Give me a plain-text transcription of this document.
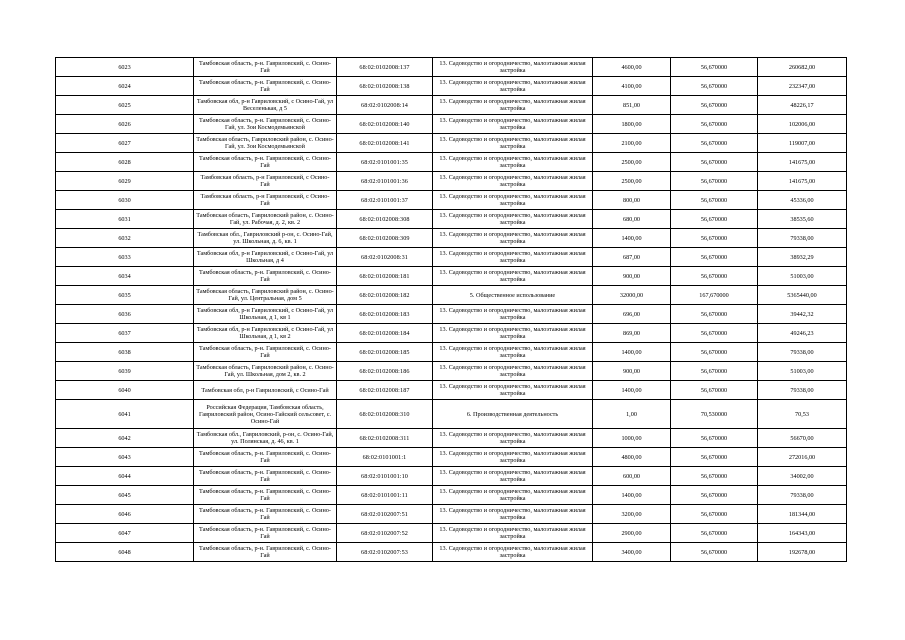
6023	Тамбовская область, р-н. Гавриловский, с. Осино-Гай	68:02:0102008:137	13. Садоводство и огородничество, малоэтажная жилая застройка	4600,00	56,670000	260682,00
6024	Тамбовская область, р-н. Гавриловский, с. Осино-Гай	68:02:0102008:138	13. Садоводство и огородничество, малоэтажная жилая застройка	4100,00	56,670000	232347,00
6025	Тамбовская обл, р-н Гавриловский, с Осино-Гай, ул Веселенькая, д 5	68:02:0102008:14	13. Садоводство и огородничество, малоэтажная жилая застройка	851,00	56,670000	48226,17
6026	Тамбовская область, р-н. Гавриловский, с. Осино-Гай, ул. Зои Космодемьянской	68:02:0102008:140	13. Садоводство и огородничество, малоэтажная жилая застройка	1800,00	56,670000	102006,00
6027	Тамбовская область, Гавриловский район, с. Осино-Гай, ул. Зои Космодемьянской	68:02:0102008:141	13. Садоводство и огородничество, малоэтажная жилая застройка	2100,00	56,670000	119007,00
6028	Тамбовская область, р-н. Гавриловский, с. Осино-Гай	68:02:0101001:35	13. Садоводство и огородничество, малоэтажная жилая застройка	2500,00	56,670000	141675,00
6029	Тамбовская область, р-н Гавриловский, с Осино-Гай	68:02:0101001:36	13. Садоводство и огородничество, малоэтажная жилая застройка	2500,00	56,670000	141675,00
6030	Тамбовская область, р-н Гавриловский, с Осино-Гай	68:02:0101001:37	13. Садоводство и огородничество, малоэтажная жилая застройка	800,00	56,670000	45336,00
6031	Тамбовская область, Гавриловский район, с. Осино-Гай, ул. Рабочая, д. 2, кв. 2	68:02:0102008:308	13. Садоводство и огородничество, малоэтажная жилая застройка	680,00	56,670000	38535,60
6032	Тамбовская обл., Гавриловский р-он, с. Осино-Гай, ул. Школьная, д. 6, кв. 1	68:02:0102008:309	13. Садоводство и огородничество, малоэтажная жилая застройка	1400,00	56,670000	79338,00
6033	Тамбовская обл, р-н Гавриловский, с Осино-Гай, ул Школьная, д 4	68:02:0102008:31	13. Садоводство и огородничество, малоэтажная жилая застройка	687,00	56,670000	38932,29
6034	Тамбовская область, р-н. Гавриловский, с. Осино-Гай	68:02:0102008:181	13. Садоводство и огородничество, малоэтажная жилая застройка	900,00	56,670000	51003,00
6035	Тамбовская область, Гавриловский район, с. Осино-Гай, ул. Центральная, дом 5	68:02:0102008:182	5. Общественное использование	32000,00	167,670000	5365440,00
6036	Тамбовская обл, р-н Гавриловский, с Осино-Гай, ул Школьная, д 1, кв 1	68:02:0102008:183	13. Садоводство и огородничество, малоэтажная жилая застройка	696,00	56,670000	39442,32
6037	Тамбовская обл, р-н Гавриловский, с Осино-Гай, ул Школьная, д 1, кв 2	68:02:0102008:184	13. Садоводство и огородничество, малоэтажная жилая застройка	869,00	56,670000	49246,23
6038	Тамбовская область, р-н. Гавриловский, с. Осино-Гай	68:02:0102008:185	13. Садоводство и огородничество, малоэтажная жилая застройка	1400,00	56,670000	79338,00
6039	Тамбовская область, Гавриловский район, с. Осино-Гай, ул. Школьная, дом 2, кв. 2	68:02:0102008:186	13. Садоводство и огородничество, малоэтажная жилая застройка	900,00	56,670000	51003,00
6040	Тамбовская обл, р-н Гавриловский, с Осино-Гай	68:02:0102008:187	13. Садоводство и огородничество, малоэтажная жилая застройка	1400,00	56,670000	79338,00
6041	Российская Федерация, Тамбовская область, Гавриловский район, Осино-Гайский сельсовет, с. Осино-Гай	68:02:0102008:310	6. Производственная деятельность	1,00	70,530000	70,53
6042	Тамбовская обл., Гавриловский, р-он, с. Осино-Гай, ул. Полянская, д. 46, кв. 1	68:02:0102008:311	13. Садоводство и огородничество, малоэтажная жилая застройка	1000,00	56,670000	56670,00
6043	Тамбовская область, р-н. Гавриловский, с. Осино-Гай	68:02:0101001:1	13. Садоводство и огородничество, малоэтажная жилая застройка	4800,00	56,670000	272016,00
6044	Тамбовская область, р-н. Гавриловский, с. Осино-Гай	68:02:0101001:10	13. Садоводство и огородничество, малоэтажная жилая застройка	600,00	56,670000	34002,00
6045	Тамбовская область, р-н. Гавриловский, с. Осино-Гай	68:02:0101001:11	13. Садоводство и огородничество, малоэтажная жилая застройка	1400,00	56,670000	79338,00
6046	Тамбовская область, р-н. Гавриловский, с. Осино-Гай	68:02:0102007:51	13. Садоводство и огородничество, малоэтажная жилая застройка	3200,00	56,670000	181344,00
6047	Тамбовская область, р-н. Гавриловский, с. Осино-Гай	68:02:0102007:52	13. Садоводство и огородничество, малоэтажная жилая застройка	2900,00	56,670000	164343,00
6048	Тамбовская область, р-н. Гавриловский, с. Осино-Гай	68:02:0102007:53	13. Садоводство и огородничество, малоэтажная жилая застройка	3400,00	56,670000	192678,00
